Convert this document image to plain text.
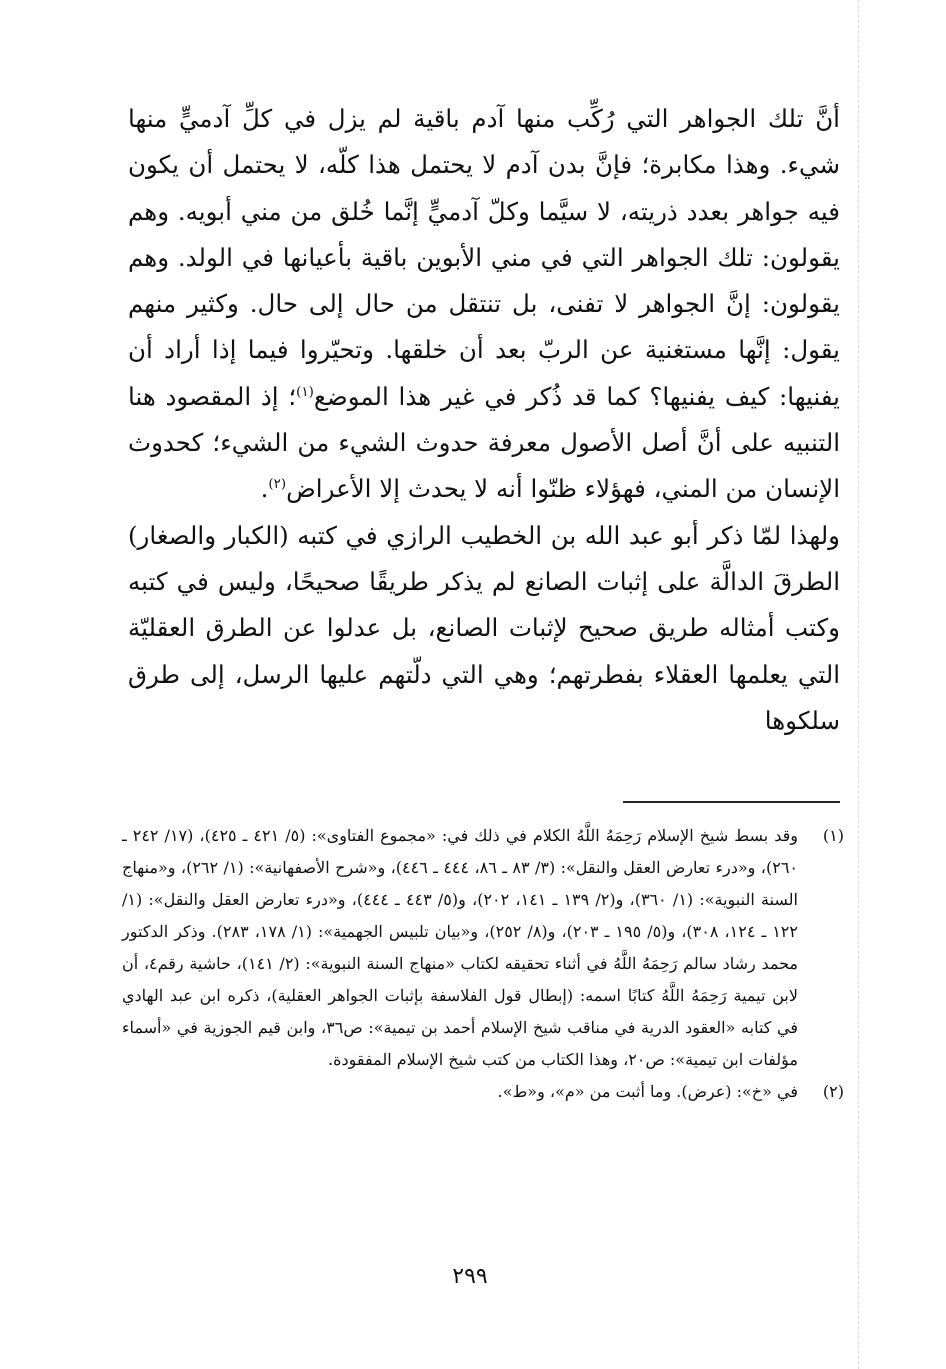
أنَّ تلك الجواهر التي رُكِّب منها آدم باقية لم يزل في كلِّ آدميٍّ منها شيء. وهذا مكابرة؛ فإنَّ بدن آدم لا يحتمل هذا كلّه، لا يحتمل أن يكون فيه جواهر بعدد ذريته، لا سيَّما وكلّ آدميٍّ إنَّما خُلق من مني أبويه. وهم يقولون: تلك الجواهر التي في مني الأبوين باقية بأعيانها في الولد. وهم يقولون: إنَّ الجواهر لا تفنى، بل تنتقل من حال إلى حال. وكثير منهم يقول: إنَّها مستغنية عن الربّ بعد أن خلقها. وتحيّروا فيما إذا أراد أن يفنيها: كيف يفنيها؟ كما قد ذُكر في غير هذا الموضع$^{(١)}$؛ إذ المقصود هنا التنبيه على أنَّ أصل الأصول معرفة حدوث الشيء من الشيء؛ كحدوث الإنسان من المني، فهؤلاء ظنّوا أنه لا يحدث إلا الأعراض$^{(٢)}$.

ولهذا لمّا ذكر أبو عبد الله بن الخطيب الرازي في كتبه (الكبار والصغار) الطرقَ الدالَّة على إثبات الصانع لم يذكر طريقًا صحيحًا، وليس في كتبه وكتب أمثاله طريق صحيح لإثبات الصانع، بل عدلوا عن الطرق العقليّة التي يعلمها العقلاء بفطرتهم؛ وهي التي دلّتهم عليها الرسل، إلى طرق سلكوها

(١)
وقد بسط شيخ الإسلام رَحِمَهُ اللَّهُ الكلام في ذلك في: «مجموع الفتاوى»: (٥/ ٤٢١ ـ ٤٢٥)، (١٧/ ٢٤٢ ـ ٢٦٠)، و«درء تعارض العقل والنقل»: (٣/ ٨٣ ـ ٨٦، ٤٤٤ ـ ٤٤٦)، و«شرح الأصفهانية»: (١/ ٢٦٢)، و«منهاج السنة النبوية»: (١/ ٣٦٠)، و(٢/ ١٣٩ ـ ١٤١، ٢٠٢)، و(٥/ ٤٤٣ ـ ٤٤٤)، و«درء تعارض العقل والنقل»: (١/ ١٢٢ ـ ١٢٤، ٣٠٨)، و(٥/ ١٩٥ ـ ٢٠٣)، و(٨/ ٢٥٢)، و«بيان تلبيس الجهمية»: (١/ ١٧٨، ٢٨٣). وذكر الدكتور محمد رشاد سالم رَحِمَهُ اللَّهُ في أثناء تحقيقه لكتاب «منهاج السنة النبوية»: (٢/ ١٤١)، حاشية رقم٤، أن لابن تيمية رَحِمَهُ اللَّهُ كتابًا اسمه: (إبطال قول الفلاسفة بإثبات الجواهر العقلية)، ذكره ابن عبد الهادي في كتابه «العقود الدرية في مناقب شيخ الإسلام أحمد بن تيمية»: ص٣٦، وابن قيم الجوزية في «أسماء مؤلفات ابن تيمية»: ص٢٠، وهذا الكتاب من كتب شيخ الإسلام المفقودة.
(٢)
في «خ»: (عرض). وما أثبت من «م»، و«ط».
٢٩٩
